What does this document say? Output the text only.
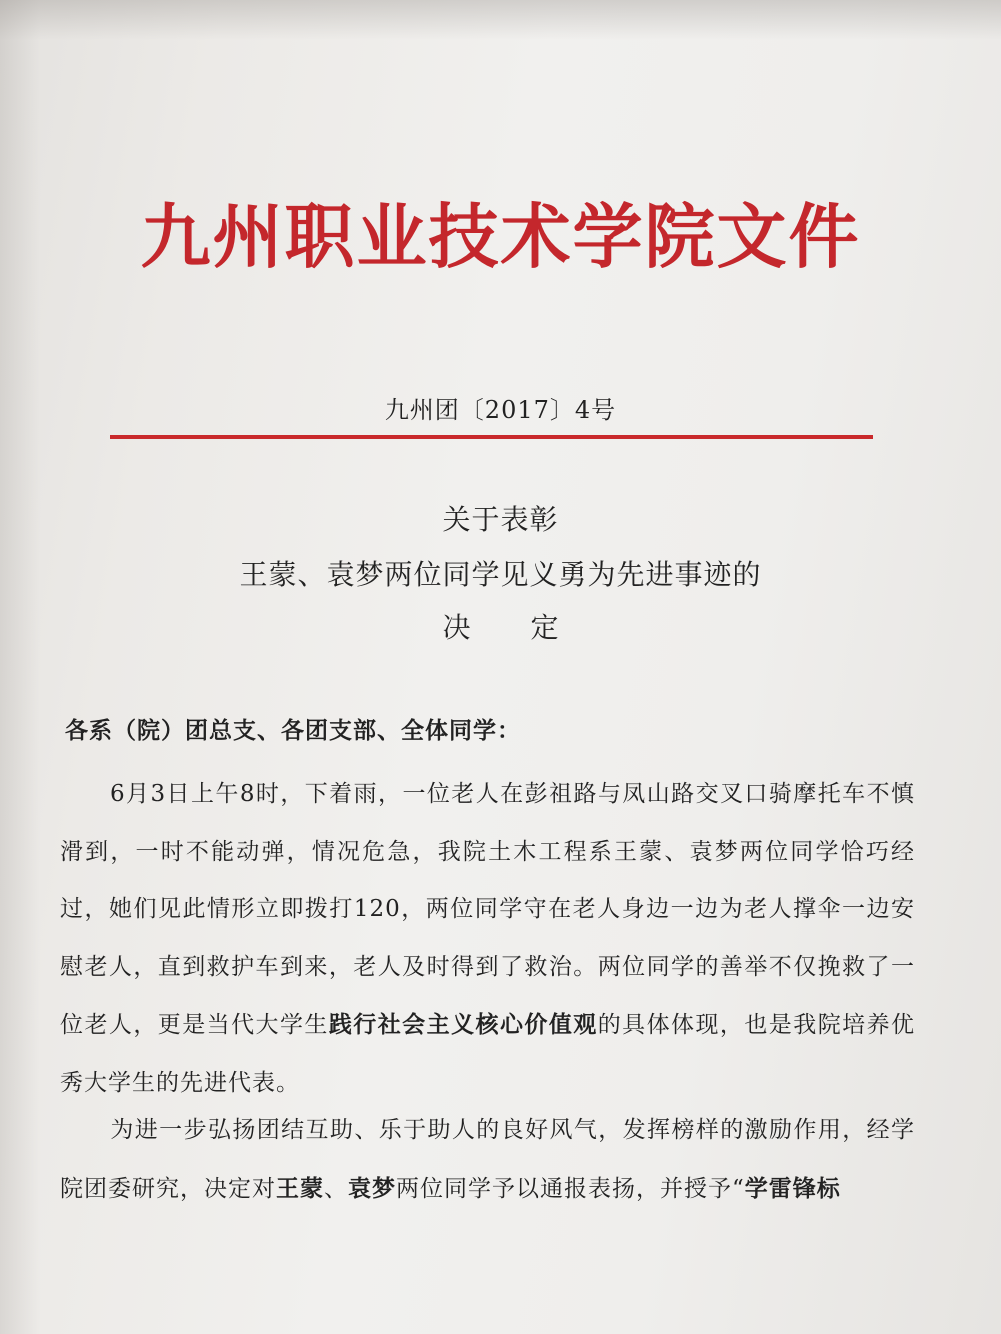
九州职业技术学院文件
九州团〔2017〕4号
关于表彰
王蒙、袁梦两位同学见义勇为先进事迹的
决定
各系（院）团总支、各团支部、全体同学：
6月3日上午8时，下着雨，一位老人在彭祖路与凤山路交叉口骑摩托车不慎滑到，一时不能动弹，情况危急，我院土木工程系王蒙、袁梦两位同学恰巧经过，她们见此情形立即拨打120，两位同学守在老人身边一边为老人撑伞一边安慰老人，直到救护车到来，老人及时得到了救治。两位同学的善举不仅挽救了一位老人，更是当代大学生践行社会主义核心价值观的具体体现，也是我院培养优秀大学生的先进代表。
为进一步弘扬团结互助、乐于助人的良好风气，发挥榜样的激励作用，经学院团委研究，决定对王蒙、袁梦两位同学予以通报表扬，并授予“学雷锋标
